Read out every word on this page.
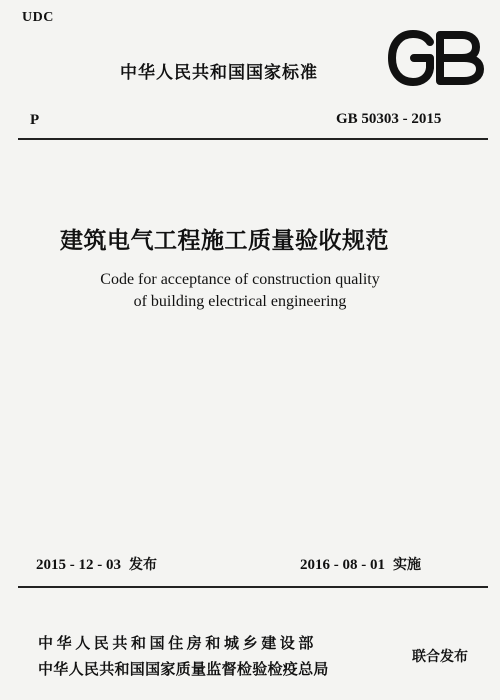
UDC
中华人民共和国国家标准
P	GB 50303 - 2015
建筑电气工程施工质量验收规范
Code for acceptance of construction quality
of building electrical engineering
2015 - 12 - 03 发布	2016 - 08 - 01 实施
中华人民共和国住房和城乡建设部
中华人民共和国国家质量监督检验检疫总局
联合发布
